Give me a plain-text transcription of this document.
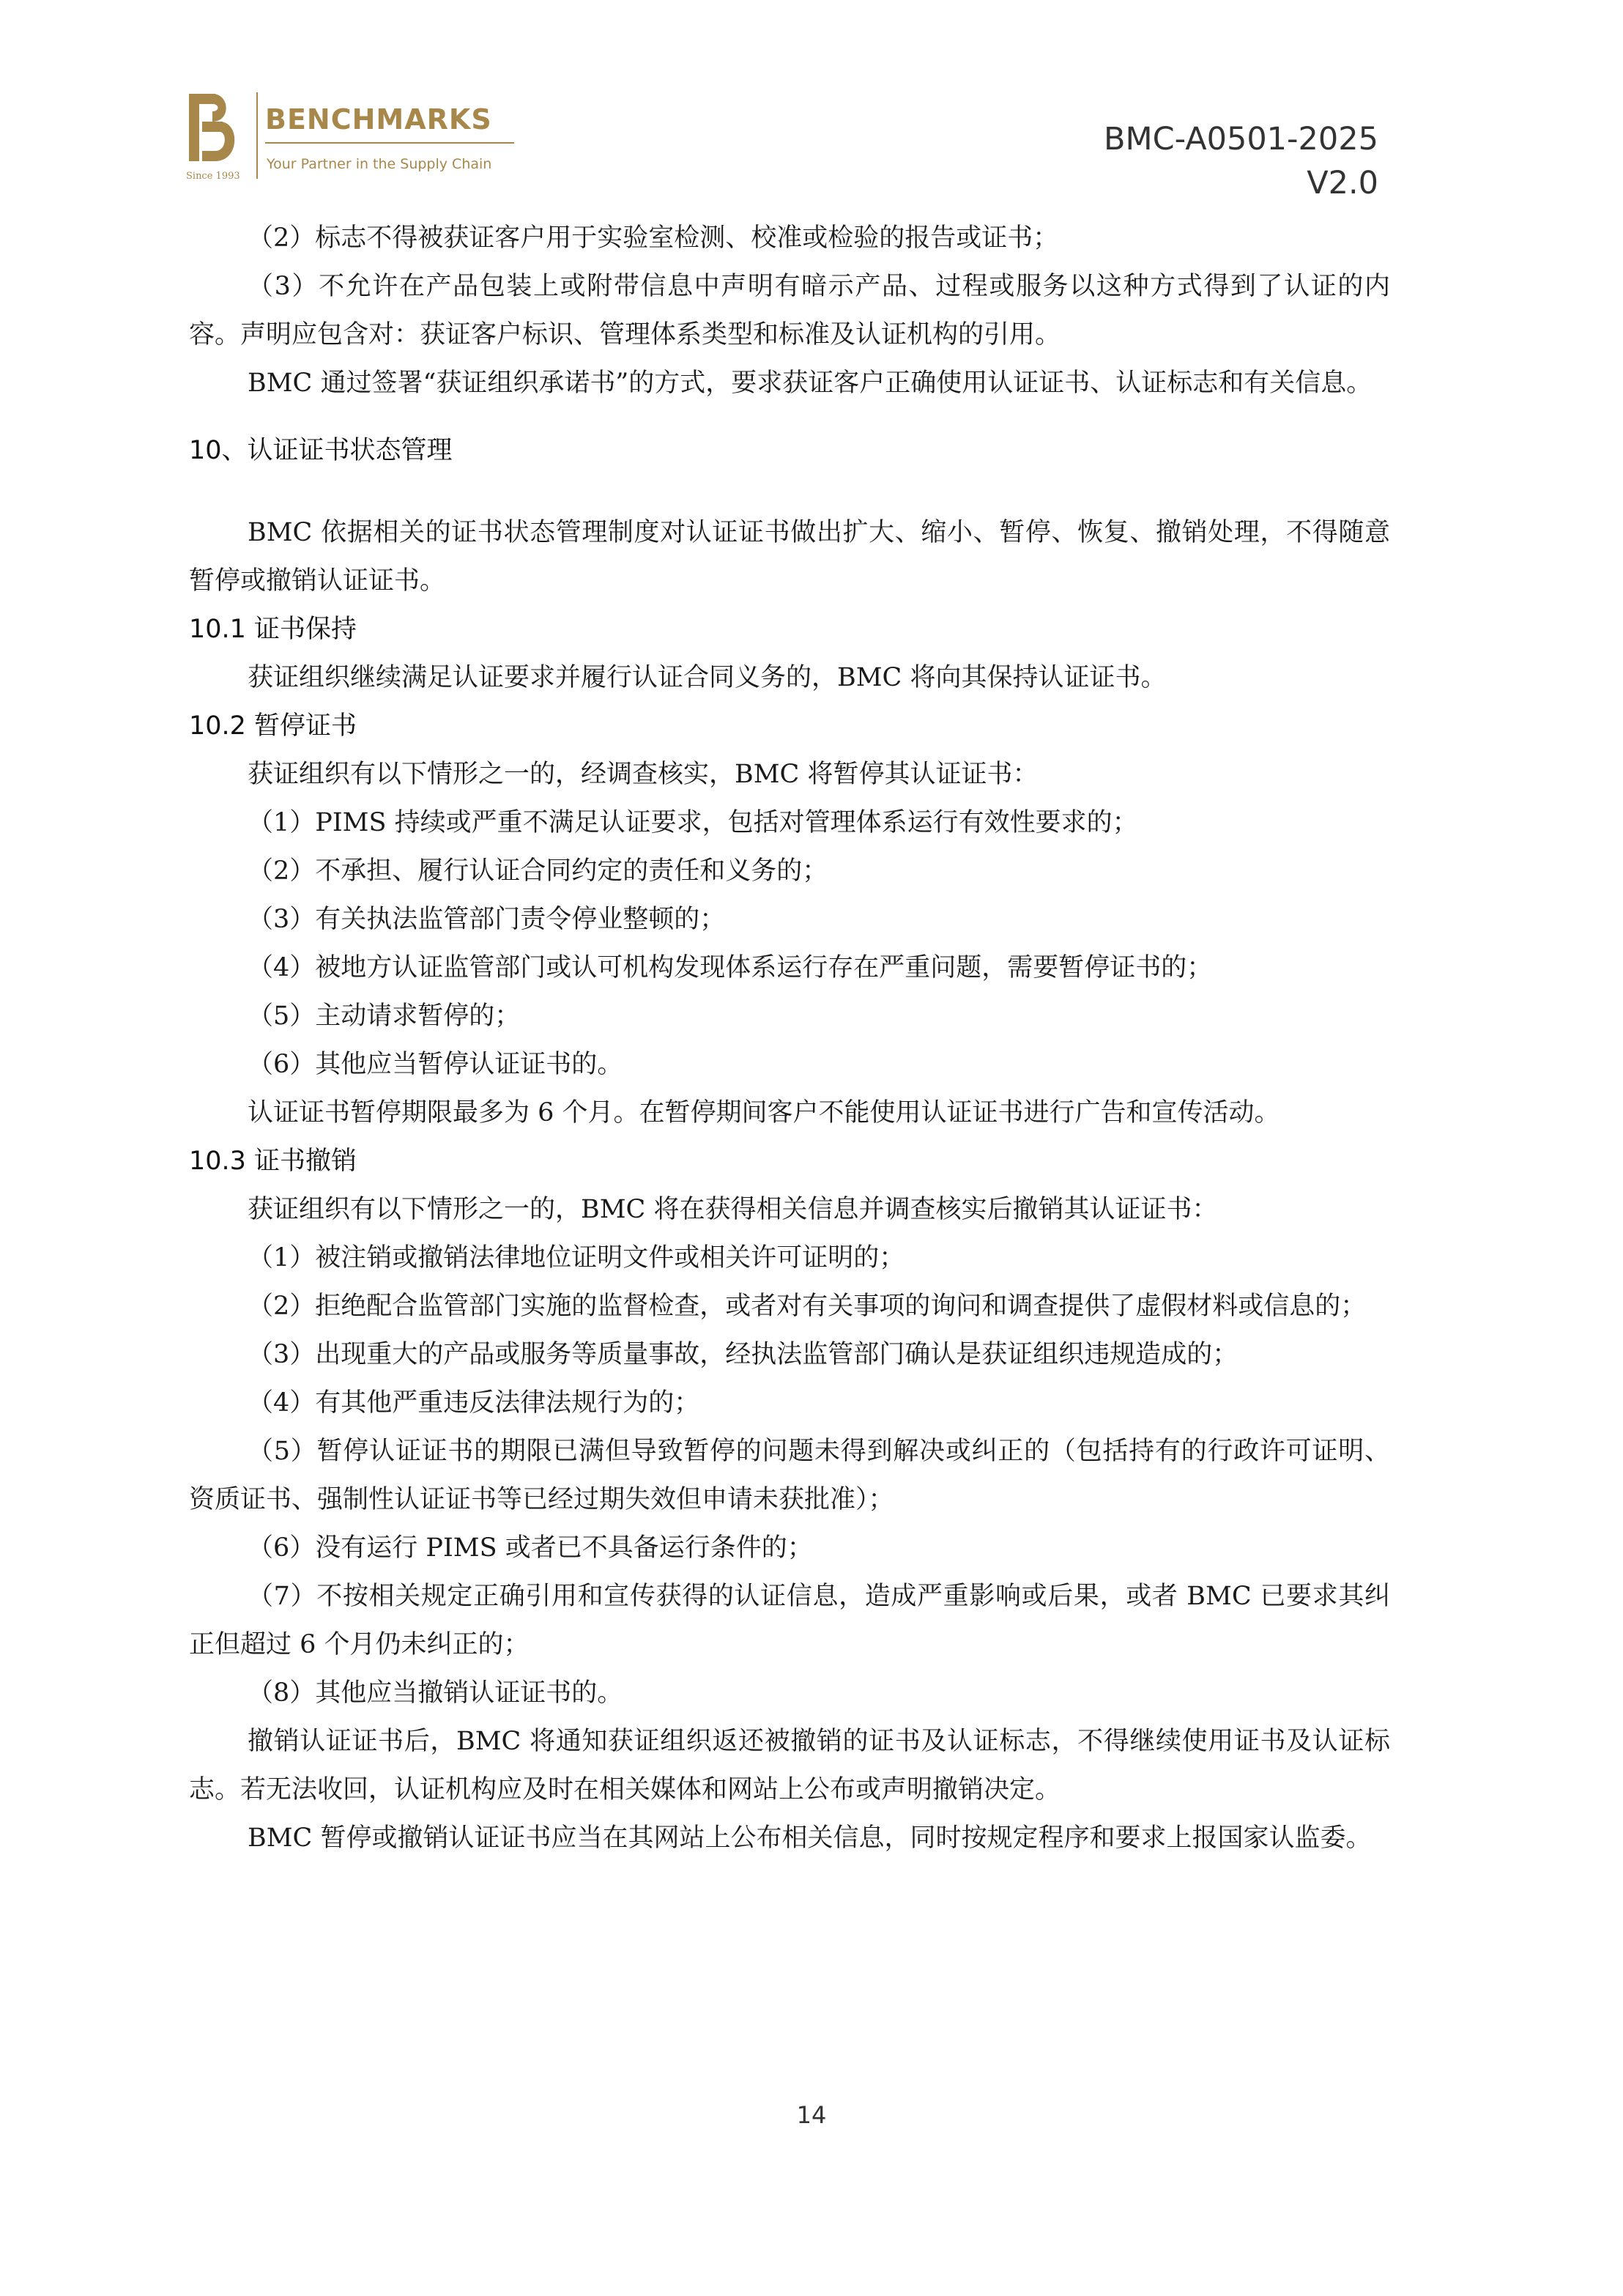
Since 1993
BENCHMARKS
Your Partner in the Supply Chain
BMC-A0501-2025
V2.0

（2）标志不得被获证客户用于实验室检测、校准或检验的报告或证书；

（3）不允许在产品包装上或附带信息中声明有暗示产品、过程或服务以这种方式得到了认证的内容。声明应包含对：获证客户标识、管理体系类型和标准及认证机构的引用。

BMC 通过签署“获证组织承诺书”的方式，要求获证客户正确使用认证证书、认证标志和有关信息。

10、认证证书状态管理

BMC 依据相关的证书状态管理制度对认证证书做出扩大、缩小、暂停、恢复、撤销处理，不得随意暂停或撤销认证证书。

10.1 证书保持

获证组织继续满足认证要求并履行认证合同义务的，BMC 将向其保持认证证书。

10.2 暂停证书

获证组织有以下情形之一的，经调查核实，BMC 将暂停其认证证书：

（1）PIMS 持续或严重不满足认证要求，包括对管理体系运行有效性要求的；

（2）不承担、履行认证合同约定的责任和义务的；

（3）有关执法监管部门责令停业整顿的；

（4）被地方认证监管部门或认可机构发现体系运行存在严重问题，需要暂停证书的；

（5）主动请求暂停的；

（6）其他应当暂停认证证书的。

认证证书暂停期限最多为 6 个月。在暂停期间客户不能使用认证证书进行广告和宣传活动。

10.3 证书撤销

获证组织有以下情形之一的，BMC 将在获得相关信息并调查核实后撤销其认证证书：

（1）被注销或撤销法律地位证明文件或相关许可证明的；

（2）拒绝配合监管部门实施的监督检查，或者对有关事项的询问和调查提供了虚假材料或信息的；

（3）出现重大的产品或服务等质量事故，经执法监管部门确认是获证组织违规造成的；

（4）有其他严重违反法律法规行为的；

（5）暂停认证证书的期限已满但导致暂停的问题未得到解决或纠正的（包括持有的行政许可证明、资质证书、强制性认证证书等已经过期失效但申请未获批准）；

（6）没有运行 PIMS 或者已不具备运行条件的；

（7）不按相关规定正确引用和宣传获得的认证信息，造成严重影响或后果，或者 BMC 已要求其纠正但超过 6 个月仍未纠正的；

（8）其他应当撤销认证证书的。

撤销认证证书后，BMC 将通知获证组织返还被撤销的证书及认证标志，不得继续使用证书及认证标志。若无法收回，认证机构应及时在相关媒体和网站上公布或声明撤销决定。

BMC 暂停或撤销认证证书应当在其网站上公布相关信息，同时按规定程序和要求上报国家认监委。

14
